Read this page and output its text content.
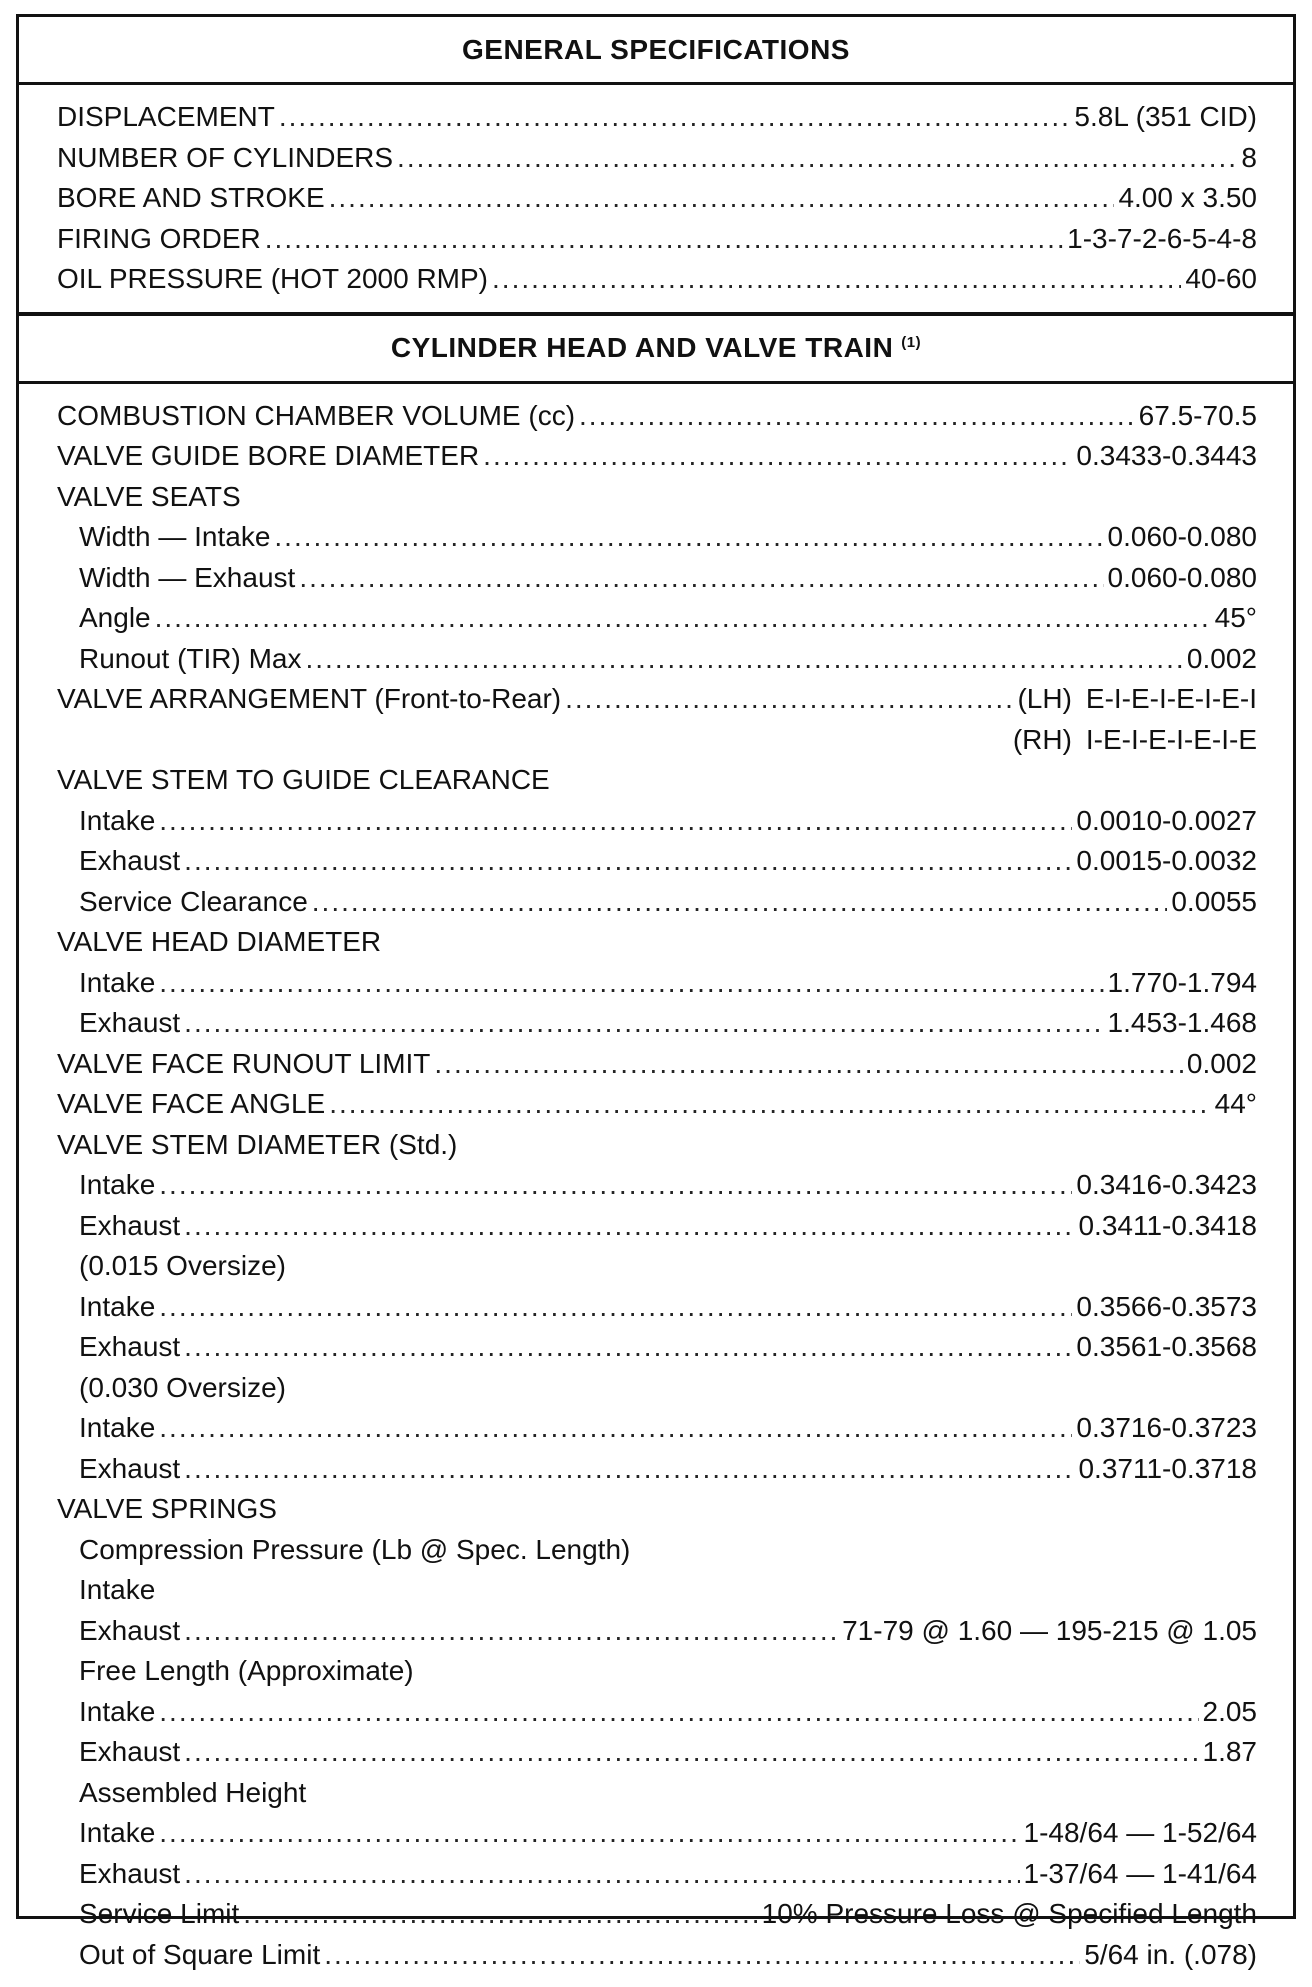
GENERAL SPECIFICATIONS
DISPLACEMENT .....	5.8L (351 CID)
NUMBER OF CYLINDERS .....	8
BORE AND STROKE .....	4.00 x 3.50
FIRING ORDER .....	1-3-7-2-6-5-4-8
OIL PRESSURE (HOT 2000 RMP) .....	40-60
CYLINDER HEAD AND VALVE TRAIN $^{(1)}$
COMBUSTION CHAMBER VOLUME (cc) .....	67.5-70.5
VALVE GUIDE BORE DIAMETER .....	0.3433-0.3443
VALVE SEATS
Width — Intake .....	0.060-0.080
Width — Exhaust .....	0.060-0.080
Angle .....	45°
Runout (TIR) Max .....	0.002
VALVE ARRANGEMENT (Front-to-Rear) .....	(LH) E-I-E-I-E-I-E-I
(RH) I-E-I-E-I-E-I-E
VALVE STEM TO GUIDE CLEARANCE
Intake .....	0.0010-0.0027
Exhaust .....	0.0015-0.0032
Service Clearance .....	0.0055
VALVE HEAD DIAMETER
Intake .....	1.770-1.794
Exhaust .....	1.453-1.468
VALVE FACE RUNOUT LIMIT .....	0.002
VALVE FACE ANGLE .....	44°
VALVE STEM DIAMETER (Std.)
Intake .....	0.3416-0.3423
Exhaust .....	0.3411-0.3418
(0.015 Oversize)
Intake .....	0.3566-0.3573
Exhaust .....	0.3561-0.3568
(0.030 Oversize)
Intake .....	0.3716-0.3723
Exhaust .....	0.3711-0.3718
VALVE SPRINGS
Compression Pressure (Lb @ Spec. Length)
Intake
Exhaust .....	71-79 @ 1.60 — 195-215 @ 1.05
Free Length (Approximate)
Intake .....	2.05
Exhaust .....	1.87
Assembled Height
Intake .....	1-48/64 — 1-52/64
Exhaust .....	1-37/64 — 1-41/64
Service Limit .....	10% Pressure Loss @ Specified Length
Out of Square Limit .....	5/64 in. (.078)
